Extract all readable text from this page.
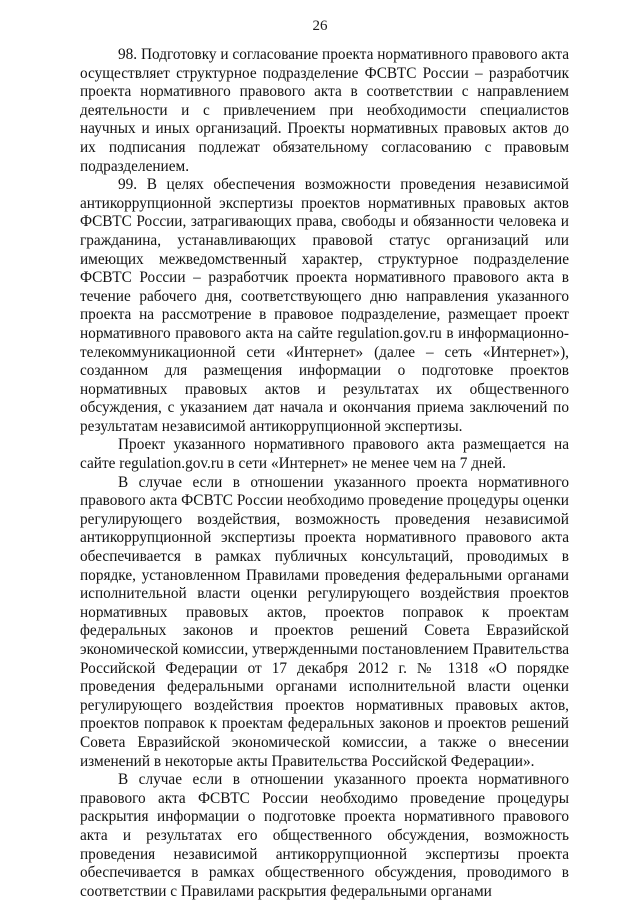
26

98. Подготовку и согласование проекта нормативного правового акта осуществляет структурное подразделение ФСВТС России – разработчик проекта нормативного правового акта в соответствии с направлением деятельности и с привлечением при необходимости специалистов научных и иных организаций. Проекты нормативных правовых актов до их подписания подлежат обязательному согласованию с правовым подразделением.

99. В целях обеспечения возможности проведения независимой антикоррупционной экспертизы проектов нормативных правовых актов ФСВТС России, затрагивающих права, свободы и обязанности человека и гражданина, устанавливающих правовой статус организаций или имеющих межведомственный характер, структурное подразделение ФСВТС России – разработчик проекта нормативного правового акта в течение рабочего дня, соответствующего дню направления указанного проекта на рассмотрение в правовое подразделение, размещает проект нормативного правового акта на сайте regulation.gov.ru в информационно-телекоммуникационной сети «Интернет» (далее – сеть «Интернет»), созданном для размещения информации о подготовке проектов нормативных правовых актов и результатах их общественного обсуждения, с указанием дат начала и окончания приема заключений по результатам независимой антикоррупционной экспертизы.

Проект указанного нормативного правового акта размещается на сайте regulation.gov.ru в сети «Интернет» не менее чем на 7 дней.

В случае если в отношении указанного проекта нормативного правового акта ФСВТС России необходимо проведение процедуры оценки регулирующего воздействия, возможность проведения независимой антикоррупционной экспертизы проекта нормативного правового акта обеспечивается в рамках публичных консультаций, проводимых в порядке, установленном Правилами проведения федеральными органами исполнительной власти оценки регулирующего воздействия проектов нормативных правовых актов, проектов поправок к проектам федеральных законов и проектов решений Совета Евразийской экономической комиссии, утвержденными постановлением Правительства Российской Федерации от 17 декабря 2012 г. № 1318 «О порядке проведения федеральными органами исполнительной власти оценки регулирующего воздействия проектов нормативных правовых актов, проектов поправок к проектам федеральных законов и проектов решений Совета Евразийской экономической комиссии, а также о внесении изменений в некоторые акты Правительства Российской Федерации».

В случае если в отношении указанного проекта нормативного правового акта ФСВТС России необходимо проведение процедуры раскрытия информации о подготовке проекта нормативного правового акта и результатах его общественного обсуждения, возможность проведения независимой антикоррупционной экспертизы проекта обеспечивается в рамках общественного обсуждения, проводимого в соответствии с Правилами раскрытия федеральными органами
